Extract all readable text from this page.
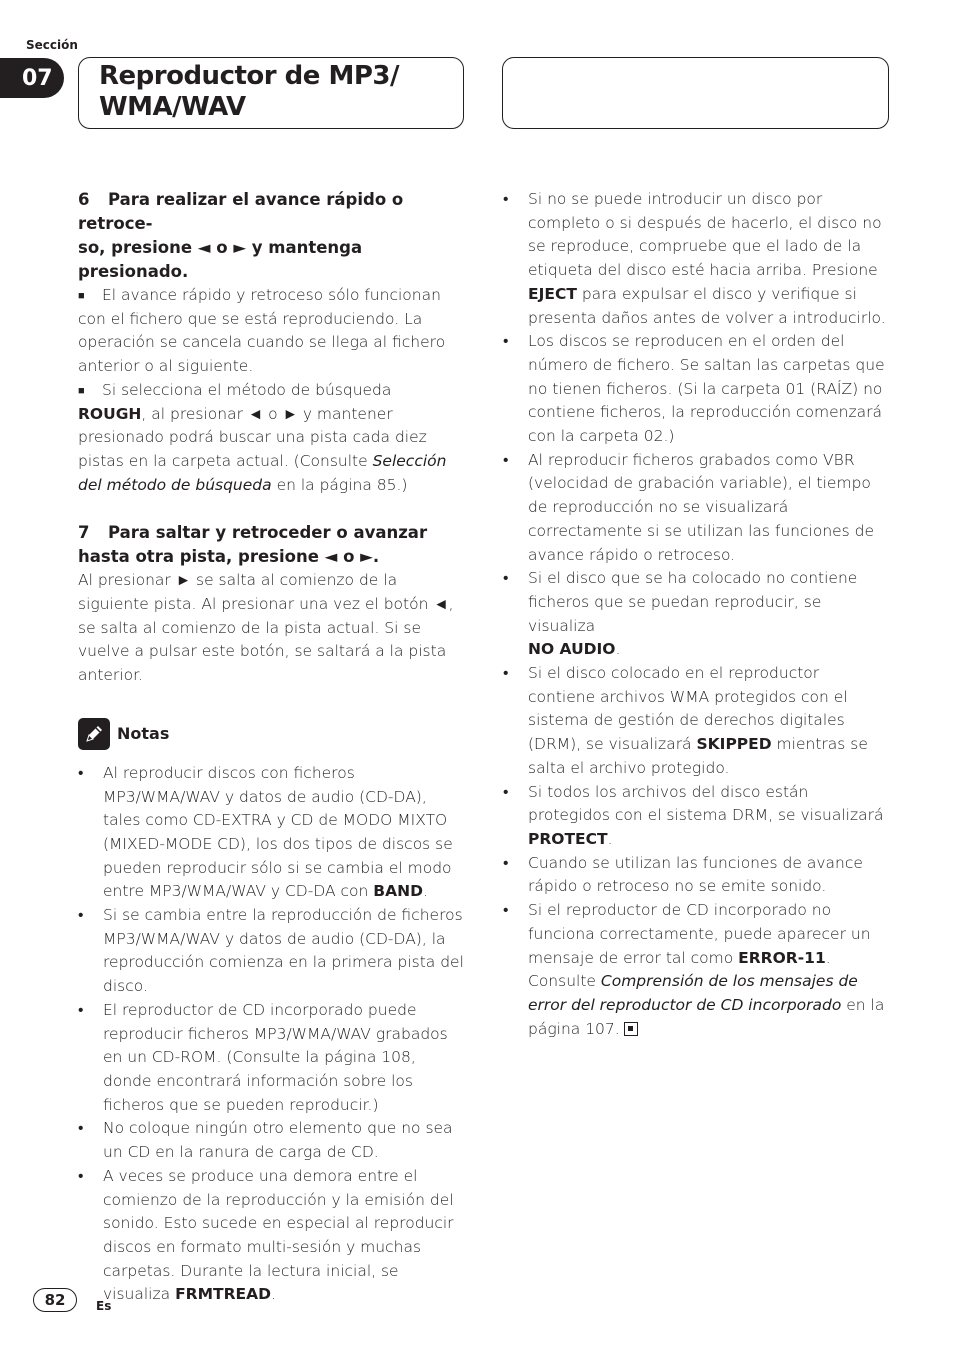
Sección
07	Reproductor de MP3/
WMA/WAV
6 Para realizar el avance rápido o retroce-
so, presione ◄ o ► y mantenga presionado.

■ El avance rápido y retroceso sólo funcionan con el fichero que se está reproduciendo. La operación se cancela cuando se llega al fichero anterior o al siguiente.

■ Si selecciona el método de búsqueda
ROUGH, al presionar ◄ o ► y mantener presionado podrá buscar una pista cada diez pistas en la carpeta actual. (Consulte Selección del método de búsqueda en la página 85.)

7 Para saltar y retroceder o avanzar hasta otra pista, presione ◄ o ►.

Al presionar ► se salta al comienzo de la siguiente pista. Al presionar una vez el botón ◄, se salta al comienzo de la pista actual. Si se vuelve a pulsar este botón, se saltará a la pista anterior.

Notas
• Al reproducir discos con ficheros MP3/WMA/WAV y datos de audio (CD-DA), tales como CD-EXTRA y CD de MODO MIXTO (MIXED-MODE CD), los dos tipos de discos se pueden reproducir sólo si se cambia el modo entre MP3/WMA/WAV y CD-DA con BAND.
• Si se cambia entre la reproducción de ficheros MP3/WMA/WAV y datos de audio (CD-DA), la reproducción comienza en la primera pista del disco.
• El reproductor de CD incorporado puede reproducir ficheros MP3/WMA/WAV grabados en un CD-ROM. (Consulte la página 108, donde encontrará información sobre los ficheros que se pueden reproducir.)
• No coloque ningún otro elemento que no sea un CD en la ranura de carga de CD.
• A veces se produce una demora entre el comienzo de la reproducción y la emisión del sonido. Esto sucede en especial al reproducir discos en formato multi-sesión y muchas carpetas. Durante la lectura inicial, se visualiza FRMTREAD.
• Si no se puede introducir un disco por completo o si después de hacerlo, el disco no se reproduce, compruebe que el lado de la etiqueta del disco esté hacia arriba. Presione EJECT para expulsar el disco y verifique si presenta daños antes de volver a introducirlo.
• Los discos se reproducen en el orden del número de fichero. Se saltan las carpetas que no tienen ficheros. (Si la carpeta 01 (RAÍZ) no contiene ficheros, la reproducción comenzará con la carpeta 02.)
• Al reproducir ficheros grabados como VBR (velocidad de grabación variable), el tiempo de reproducción no se visualizará correctamente si se utilizan las funciones de avance rápido o retroceso.
• Si el disco que se ha colocado no contiene ficheros que se puedan reproducir, se visualiza
NO AUDIO.
• Si el disco colocado en el reproductor contiene archivos WMA protegidos con el sistema de gestión de derechos digitales (DRM), se visualizará SKIPPED mientras se salta el archivo protegido.
• Si todos los archivos del disco están protegidos con el sistema DRM, se visualizará
PROTECT.
• Cuando se utilizan las funciones de avance rápido o retroceso no se emite sonido.
• Si el reproductor de CD incorporado no funciona correctamente, puede aparecer un mensaje de error tal como ERROR-11. Consulte Comprensión de los mensajes de error del reproductor de CD incorporado en la página 107.
82	Es
